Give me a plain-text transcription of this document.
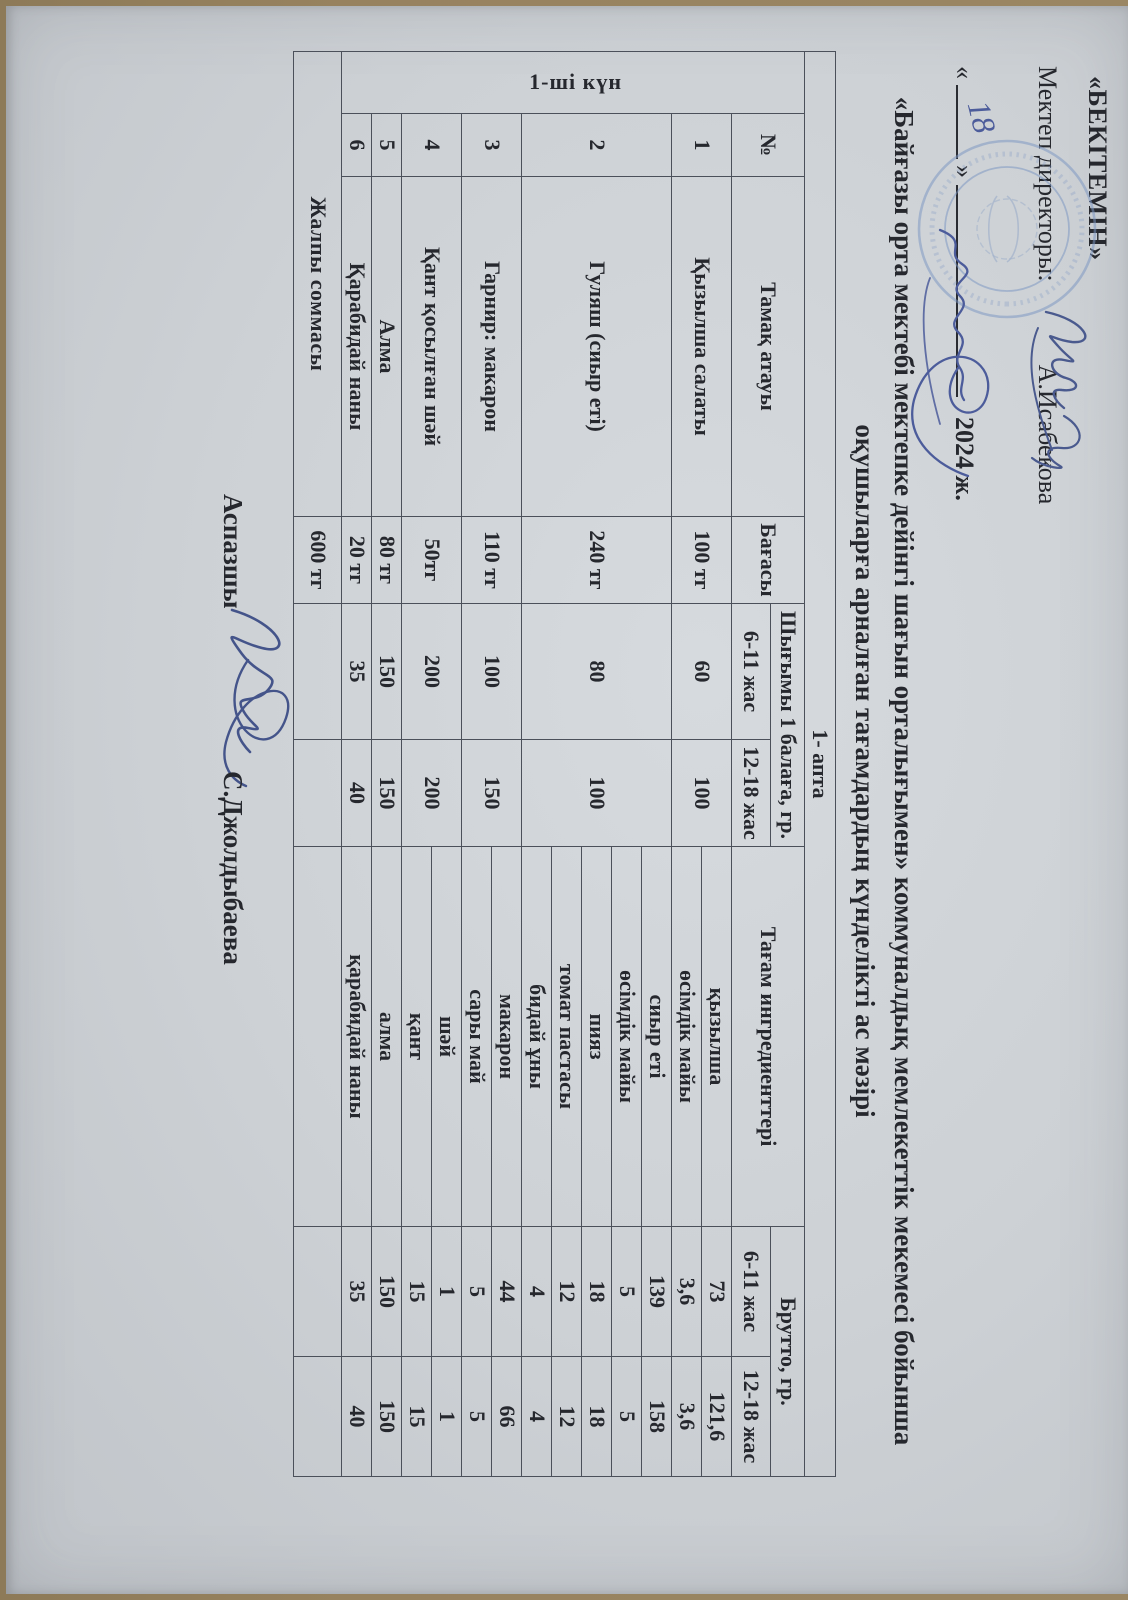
«БЕКІТЕМІН»
Мектеп директоры:  А.Исабекова
«
18
»  2024 ж.
«Байғазы орта мектебі мектепке дейінгі шағын орталығымен» коммуналдық мемлекеттік мекемесі бойынша
оқушыларға арналған тағамдардың күнделікті ас мәзірі
1- апта								
1-ші күн	№	Тамақ атауы	Бағасы	Шығымы 1 балаға, гр.		Тағам ингредиенттері	Брутто, гр.	
				6-11 жас	12-18 жас		6-11 жас	12-18 жас
	1	Қызылша салаты	100 тг	60	100	қызылша	73	121,6
						өсімдік майы	3,6	3,6
	2	Гуляш (сиыр еті)	240 тг	80	100	сиыр еті	139	158
						өсімдік майы	5	5
						пияз	18	18
						томат пастасы	12	12
						бидай ұны	4	4
	3	Гарнир: макарон	110 тг	100	150	макарон	44	66
						сары май	5	5
	4	Қант қосылған шәй	50тг	200	200	шәй	1	1
						қант	15	15
	5	Алма	80 тг	150	150	алма	150	150
	6	Қарабидай наны	20 тг	35	40	қарабидай наны	35	40
Жалпы соммасы			600 тг					
Аспазшы
С.Джолдыбаева
